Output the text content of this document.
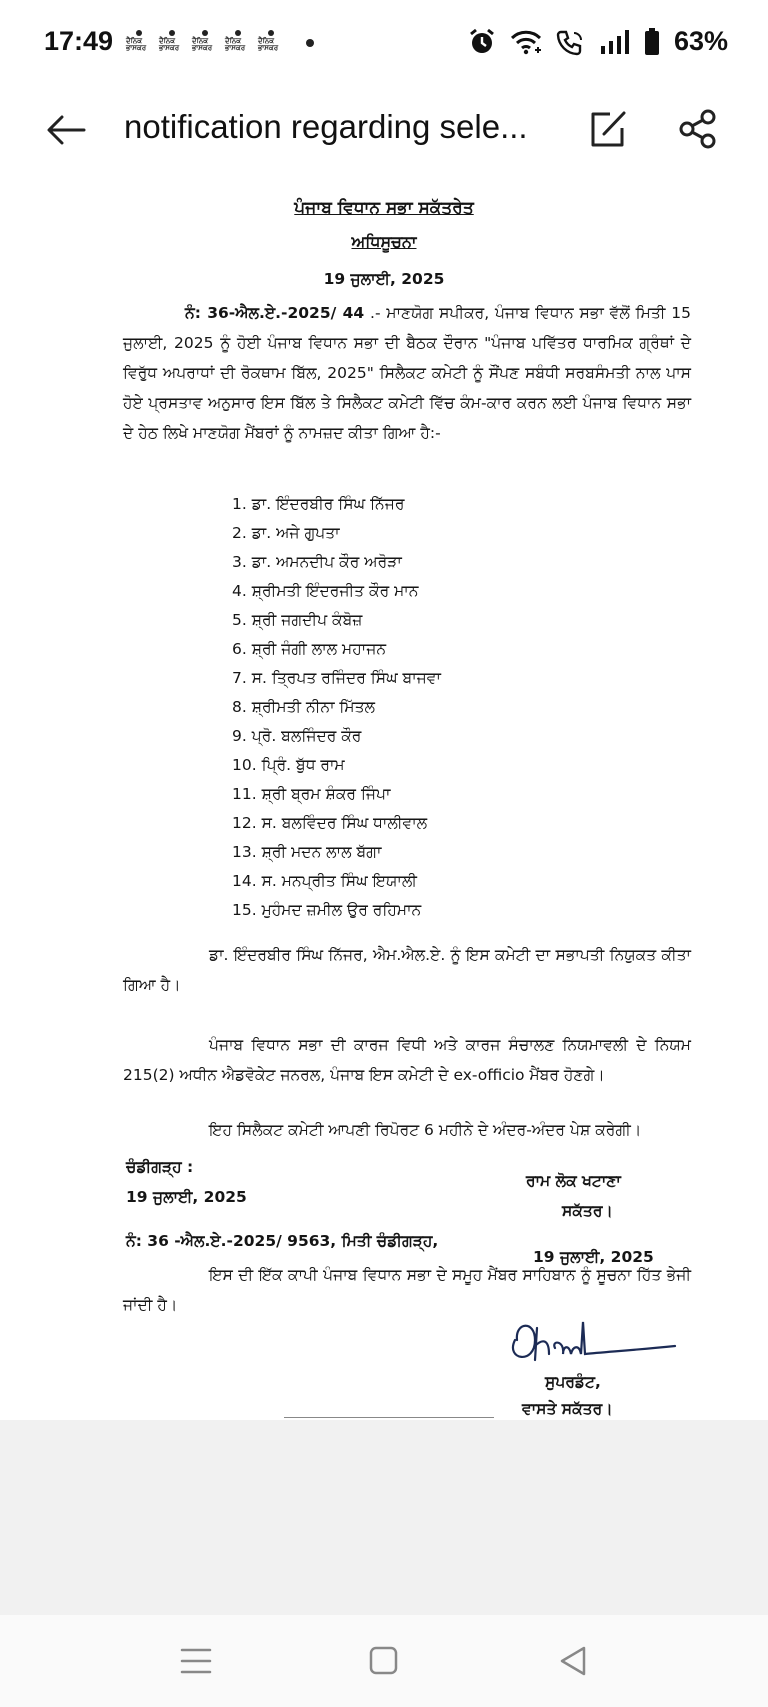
17:49 ਦੈਨਿਕ ਭਾਸਕਰ
ਦੈਨਿਕ ਭਾਸਕਰ
ਦੈਨਿਕ ਭਾਸਕਰ
ਦੈਨਿਕ ਭਾਸਕਰ
ਦੈਨਿਕ ਭਾਸਕਰ	63%
notification regarding sele...
ਪੰਜਾਬ ਵਿਧਾਨ ਸਭਾ ਸਕੱਤਰੇਤ
ਅਧਿਸੂਚਨਾ
19 ਜੁਲਾਈ, 2025
ਨੰ: 36-ਐਲ.ਏ.-2025/ 44 .- ਮਾਣਯੋਗ ਸਪੀਕਰ, ਪੰਜਾਬ ਵਿਧਾਨ ਸਭਾ ਵੱਲੋਂ ਮਿਤੀ 15 ਜੁਲਾਈ, 2025 ਨੂੰ ਹੋਈ ਪੰਜਾਬ ਵਿਧਾਨ ਸਭਾ ਦੀ ਬੈਠਕ ਦੌਰਾਨ "ਪੰਜਾਬ ਪਵਿੱਤਰ ਧਾਰਮਿਕ ਗ੍ਰੰਥਾਂ ਦੇ ਵਿਰੁੱਧ ਅਪਰਾਧਾਂ ਦੀ ਰੋਕਥਾਮ ਬਿੱਲ, 2025" ਸਿਲੈਕਟ ਕਮੇਟੀ ਨੂੰ ਸੌਂਪਣ ਸਬੰਧੀ ਸਰਬਸੰਮਤੀ ਨਾਲ ਪਾਸ ਹੋਏ ਪ੍ਰਸਤਾਵ ਅਨੁਸਾਰ ਇਸ ਬਿੱਲ ਤੇ ਸਿਲੈਕਟ ਕਮੇਟੀ ਵਿੱਚ ਕੰਮ-ਕਾਰ ਕਰਨ ਲਈ ਪੰਜਾਬ ਵਿਧਾਨ ਸਭਾ ਦੇ ਹੇਠ ਲਿਖੇ ਮਾਣਯੋਗ ਮੈਂਬਰਾਂ ਨੂੰ ਨਾਮਜ਼ਦ ਕੀਤਾ ਗਿਆ ਹੈ:-
1. ਡਾ. ਇੰਦਰਬੀਰ ਸਿੰਘ ਨਿੱਜਰ
2. ਡਾ. ਅਜੇ ਗੁਪਤਾ
3. ਡਾ. ਅਮਨਦੀਪ ਕੌਰ ਅਰੋੜਾ
4. ਸ਼੍ਰੀਮਤੀ ਇੰਦਰਜੀਤ ਕੌਰ ਮਾਨ
5. ਸ਼੍ਰੀ ਜਗਦੀਪ ਕੰਬੋਜ਼
6. ਸ਼੍ਰੀ ਜੰਗੀ ਲਾਲ ਮਹਾਜਨ
7. ਸ. ਤ੍ਰਿਪਤ ਰਜਿੰਦਰ ਸਿੰਘ ਬਾਜਵਾ
8. ਸ਼੍ਰੀਮਤੀ ਨੀਨਾ ਮਿੱਤਲ
9. ਪ੍ਰੋ. ਬਲਜਿੰਦਰ ਕੌਰ
10. ਪ੍ਰਿੰ. ਬੁੱਧ ਰਾਮ
11. ਸ਼੍ਰੀ ਬ੍ਰਮ ਸ਼ੰਕਰ ਜਿੰਪਾ
12. ਸ. ਬਲਵਿੰਦਰ ਸਿੰਘ ਧਾਲੀਵਾਲ
13. ਸ਼੍ਰੀ ਮਦਨ ਲਾਲ ਬੱਗਾ
14. ਸ. ਮਨਪ੍ਰੀਤ ਸਿੰਘ ਇਯਾਲੀ
15. ਮੁਹੰਮਦ ਜ਼ਮੀਲ ਉਰ ਰਹਿਮਾਨ
ਡਾ. ਇੰਦਰਬੀਰ ਸਿੰਘ ਨਿੱਜਰ, ਐਮ.ਐਲ.ਏ. ਨੂੰ ਇਸ ਕਮੇਟੀ ਦਾ ਸਭਾਪਤੀ ਨਿਯੁਕਤ ਕੀਤਾ ਗਿਆ ਹੈ।
ਪੰਜਾਬ ਵਿਧਾਨ ਸਭਾ ਦੀ ਕਾਰਜ ਵਿਧੀ ਅਤੇ ਕਾਰਜ ਸੰਚਾਲਣ ਨਿਯਮਾਵਲੀ ਦੇ ਨਿਯਮ 215(2) ਅਧੀਨ ਐਡਵੋਕੇਟ ਜਨਰਲ, ਪੰਜਾਬ ਇਸ ਕਮੇਟੀ ਦੇ ex-officio ਮੈਂਬਰ ਹੋਣਗੇ।
ਇਹ ਸਿਲੈਕਟ ਕਮੇਟੀ ਆਪਣੀ ਰਿਪੋਰਟ 6 ਮਹੀਨੇ ਦੇ ਅੰਦਰ-ਅੰਦਰ ਪੇਸ਼ ਕਰੇਗੀ।
ਚੰਡੀਗੜ੍ਹ :
19 ਜੁਲਾਈ, 2025
ਰਾਮ ਲੋਕ ਖਟਾਣਾ
ਸਕੱਤਰ।
ਨੰ: 36 -ਐਲ.ਏ.-2025/ 9563, ਮਿਤੀ ਚੰਡੀਗੜ੍ਹ,
19 ਜੁਲਾਈ, 2025
ਇਸ ਦੀ ਇੱਕ ਕਾਪੀ ਪੰਜਾਬ ਵਿਧਾਨ ਸਭਾ ਦੇ ਸਮੂਹ ਮੈਂਬਰ ਸਾਹਿਬਾਨ ਨੂੰ ਸੂਚਨਾ ਹਿੱਤ ਭੇਜੀ ਜਾਂਦੀ ਹੈ।
ਸੁਪਰਡੰਟ,
ਵਾਸਤੇ ਸਕੱਤਰ।
